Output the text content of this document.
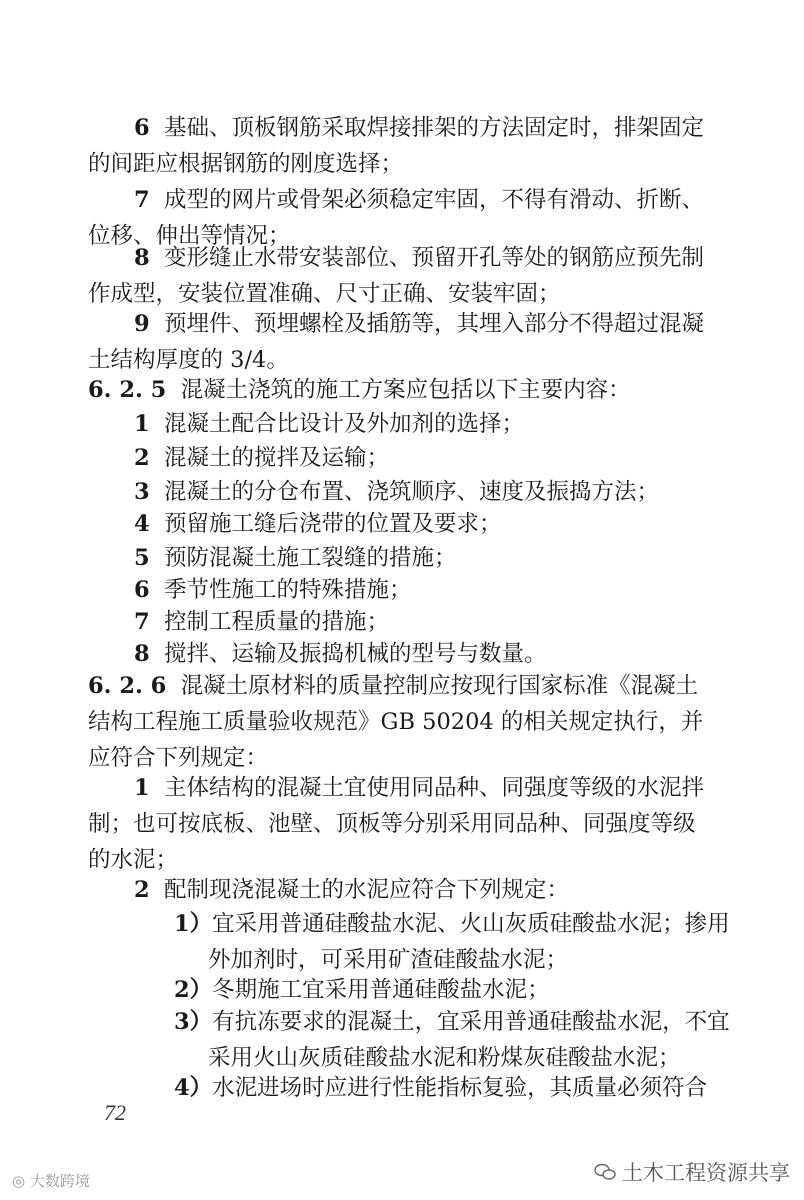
6 基础、顶板钢筋采取焊接排架的方法固定时，排架固定的间距应根据钢筋的刚度选择；

7 成型的网片或骨架必须稳定牢固，不得有滑动、折断、位移、伸出等情况；

8 变形缝止水带安装部位、预留开孔等处的钢筋应预先制作成型，安装位置准确、尺寸正确、安装牢固；

9 预埋件、预埋螺栓及插筋等，其埋入部分不得超过混凝土结构厚度的 3/4。

6. 2. 5 混凝土浇筑的施工方案应包括以下主要内容：

1 混凝土配合比设计及外加剂的选择；

2 混凝土的搅拌及运输；

3 混凝土的分仓布置、浇筑顺序、速度及振捣方法；

4 预留施工缝后浇带的位置及要求；

5 预防混凝土施工裂缝的措施；

6 季节性施工的特殊措施；

7 控制工程质量的措施；

8 搅拌、运输及振捣机械的型号与数量。

6. 2. 6 混凝土原材料的质量控制应按现行国家标准《混凝土结构工程施工质量验收规范》GB 50204 的相关规定执行，并应符合下列规定：

1 主体结构的混凝土宜使用同品种、同强度等级的水泥拌制；也可按底板、池壁、顶板等分别采用同品种、同强度等级的水泥；

2 配制现浇混凝土的水泥应符合下列规定：

1）宜采用普通硅酸盐水泥、火山灰质硅酸盐水泥；掺用外加剂时，可采用矿渣硅酸盐水泥；

2）冬期施工宜采用普通硅酸盐水泥；

3）有抗冻要求的混凝土，宜采用普通硅酸盐水泥，不宜采用火山灰质硅酸盐水泥和粉煤灰硅酸盐水泥；

4）水泥进场时应进行性能指标复验，其质量必须符合

72
◎ 大数跨境	土木工程资源共享
